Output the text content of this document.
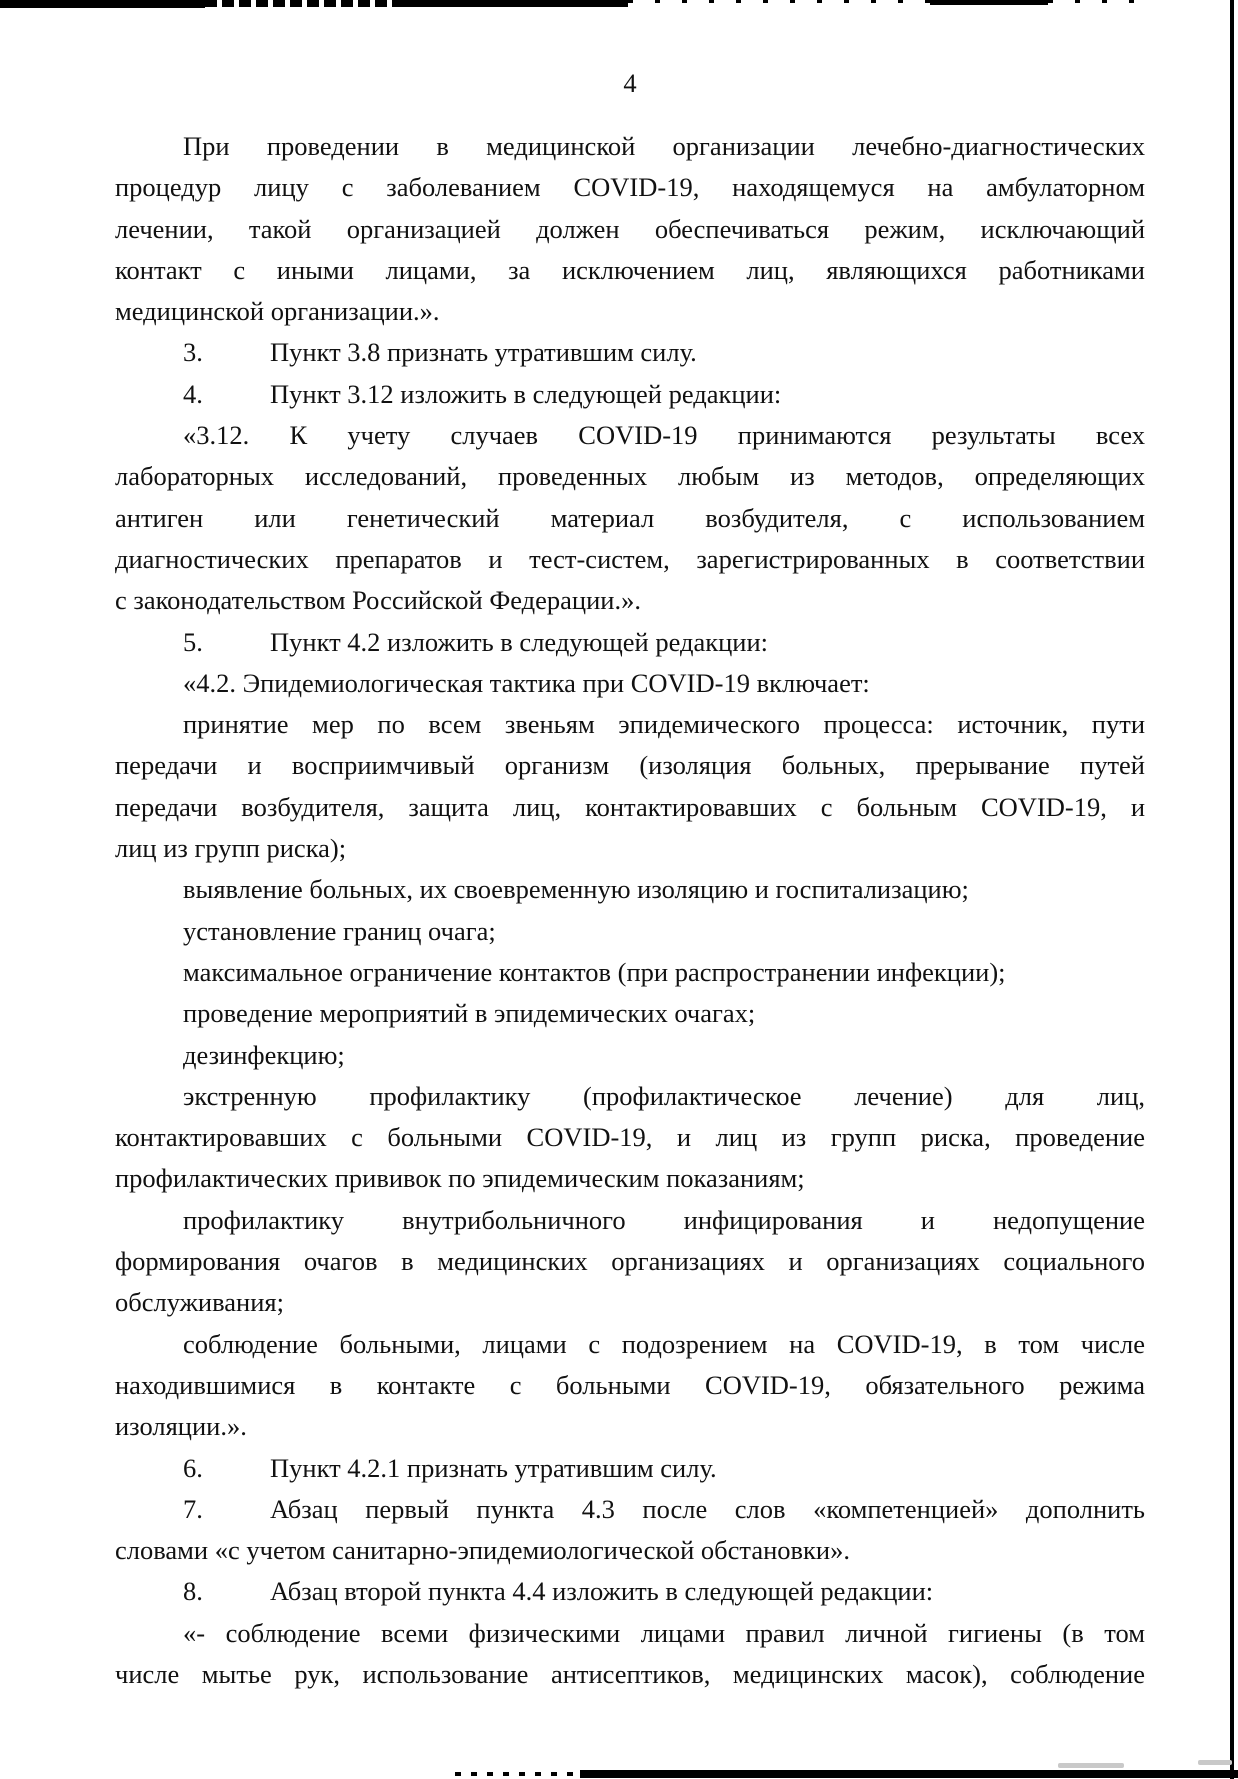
4
При проведении в медицинской организации лечебно-диагностических
процедур лицу с заболеванием COVID-19, находящемуся на амбулаторном
лечении, такой организацией должен обеспечиваться режим, исключающий
контакт с иными лицами, за исключением лиц, являющихся работниками
медицинской организации.».
3.	Пункт 3.8 признать утратившим силу.
4.	Пункт 3.12 изложить в следующей редакции:
«3.12. К учету случаев COVID-19 принимаются результаты всех
лабораторных исследований, проведенных любым из методов, определяющих
антиген или генетический материал возбудителя, с использованием
диагностических препаратов и тест-систем, зарегистрированных в соответствии
с законодательством Российской Федерации.».
5.	Пункт 4.2 изложить в следующей редакции:
«4.2. Эпидемиологическая тактика при COVID-19 включает:
принятие мер по всем звеньям эпидемического процесса: источник, пути
передачи и восприимчивый организм (изоляция больных, прерывание путей
передачи возбудителя, защита лиц, контактировавших с больным COVID-19, и
лиц из групп риска);
выявление больных, их своевременную изоляцию и госпитализацию;
установление границ очага;
максимальное ограничение контактов (при распространении инфекции);
проведение мероприятий в эпидемических очагах;
дезинфекцию;
экстренную профилактику (профилактическое лечение) для лиц,
контактировавших с больными COVID-19, и лиц из групп риска, проведение
профилактических прививок по эпидемическим показаниям;
профилактику внутрибольничного инфицирования и недопущение
формирования очагов в медицинских организациях и организациях социального
обслуживания;
соблюдение больными, лицами с подозрением на COVID-19, в том числе
находившимися в контакте с больными COVID-19, обязательного режима
изоляции.».
6.	Пункт 4.2.1 признать утратившим силу.
7.	Абзац первый пункта 4.3 после слов «компетенцией» дополнить
словами «с учетом санитарно-эпидемиологической обстановки».
8.	Абзац второй пункта 4.4 изложить в следующей редакции:
«- соблюдение всеми физическими лицами правил личной гигиены (в том
числе мытье рук, использование антисептиков, медицинских масок), соблюдение
